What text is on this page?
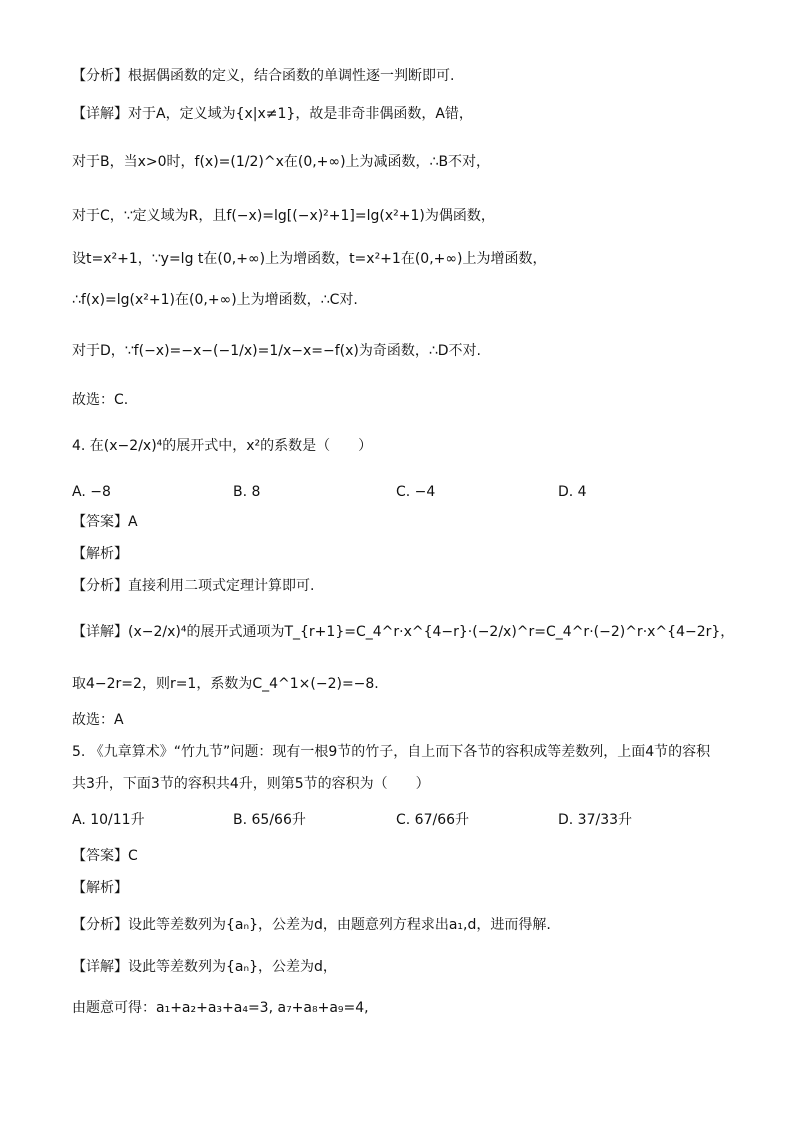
【分析】根据偶函数的定义，结合函数的单调性逐一判断即可.
【详解】对于A，定义域为{x|x≠1}，故是非奇非偶函数，A错，
对于B，当x>0时，f(x)=(1/2)^x在(0,+∞)上为减函数，∴B不对，
对于C，∵定义域为R，且f(−x)=lg[(−x)²+1]=lg(x²+1)为偶函数，
设t=x²+1，∵y=lg t在(0,+∞)上为增函数，t=x²+1在(0,+∞)上为增函数，
∴f(x)=lg(x²+1)在(0,+∞)上为增函数，∴C对.
对于D，∵f(−x)=−x−(−1/x)=1/x−x=−f(x)为奇函数，∴D不对.
故选：C.
4. 在(x−2/x)⁴的展开式中，x²的系数是（　　）
A. −8	B. 8	C. −4	D. 4
【答案】A
【解析】
【分析】直接利用二项式定理计算即可.
【详解】(x−2/x)⁴的展开式通项为T_{r+1}=C_4^r·x^{4−r}·(−2/x)^r=C_4^r·(−2)^r·x^{4−2r}，
取4−2r=2，则r=1，系数为C_4^1×(−2)=−8.
故选：A
5. 《九章算术》“竹九节”问题：现有一根9节的竹子，自上而下各节的容积成等差数列，上面4节的容积
共3升，下面3节的容积共4升，则第5节的容积为（　　）
A. 10/11升	B. 65/66升	C. 67/66升	D. 37/33升
【答案】C
【解析】
【分析】设此等差数列为{aₙ}，公差为d，由题意列方程求出a₁,d，进而得解.
【详解】设此等差数列为{aₙ}，公差为d，
由题意可得：a₁+a₂+a₃+a₄=3, a₇+a₈+a₉=4,
